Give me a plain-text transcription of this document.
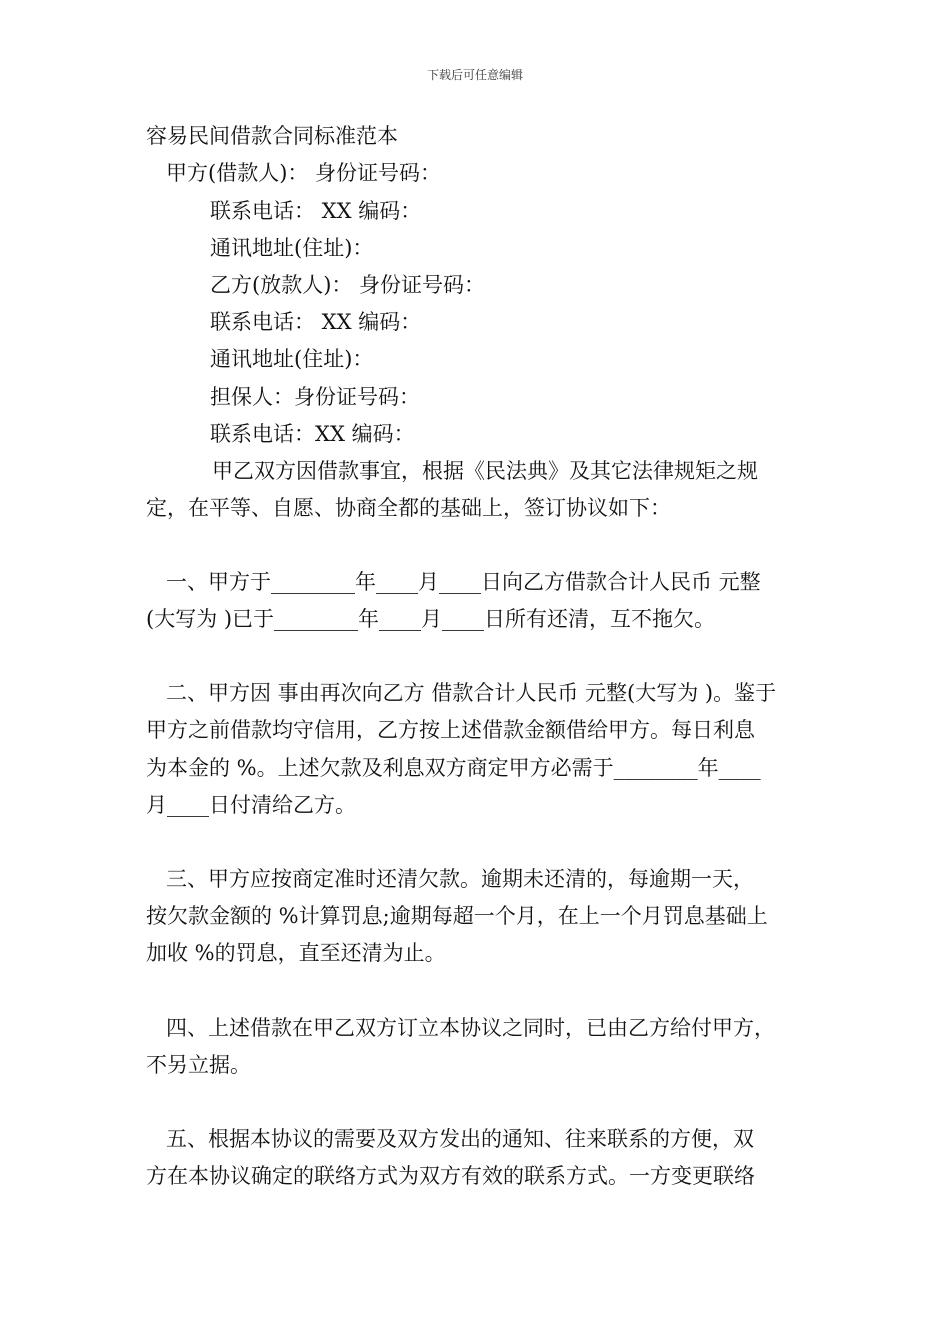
下载后可任意编辑
容易民间借款合同标准范本
甲方(借款人)： 身份证号码：
联系电话： XX 编码：
通讯地址(住址)：
乙方(放款人)： 身份证号码：
联系电话： XX 编码：
通讯地址(住址)：
担保人：身份证号码：
联系电话：XX 编码：
甲乙双方因借款事宜，根据《民法典》及其它法律规矩之规
定，在平等、自愿、协商全都的基础上，签订协议如下：
一、甲方于________年____月____日向乙方借款合计人民币 元整
(大写为 )已于________年____月____日所有还清，互不拖欠。
二、甲方因 事由再次向乙方 借款合计人民币 元整(大写为 )。鉴于
甲方之前借款均守信用，乙方按上述借款金额借给甲方。每日利息
为本金的 %。上述欠款及利息双方商定甲方必需于________年____
月____日付清给乙方。
三、甲方应按商定准时还清欠款。逾期未还清的，每逾期一天，
按欠款金额的 %计算罚息;逾期每超一个月，在上一个月罚息基础上
加收 %的罚息，直至还清为止。
四、上述借款在甲乙双方订立本协议之同时，已由乙方给付甲方，
不另立据。
五、根据本协议的需要及双方发出的通知、往来联系的方便，双
方在本协议确定的联络方式为双方有效的联系方式。一方变更联络
